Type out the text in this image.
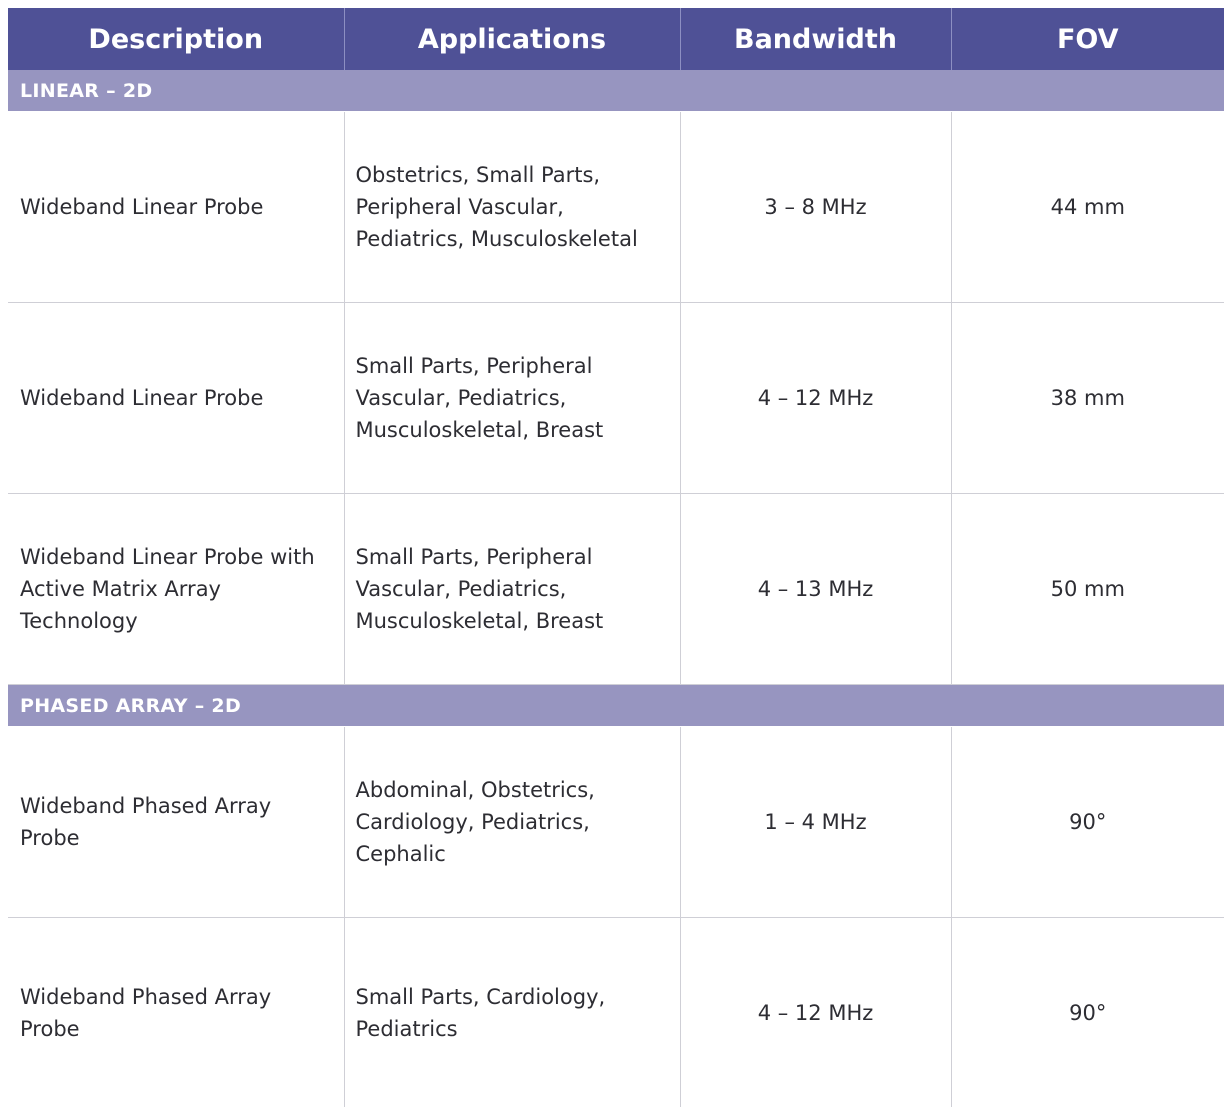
Description	Applications	Bandwidth	FOV
LINEAR – 2D			
Wideband Linear Probe	Obstetrics, Small Parts, Peripheral Vascular, Pediatrics, Musculoskeletal	3 – 8 MHz	44 mm
Wideband Linear Probe	Small Parts, Peripheral Vascular, Pediatrics, Musculoskeletal, Breast	4 – 12 MHz	38 mm
Wideband Linear Probe with Active Matrix Array Technology	Small Parts, Peripheral Vascular, Pediatrics, Musculoskeletal, Breast	4 – 13 MHz	50 mm
PHASED ARRAY – 2D			
Wideband Phased Array Probe	Abdominal, Obstetrics, Cardiology, Pediatrics, Cephalic	1 – 4 MHz	90°
Wideband Phased Array Probe	Small Parts, Cardiology, Pediatrics	4 – 12 MHz	90°
